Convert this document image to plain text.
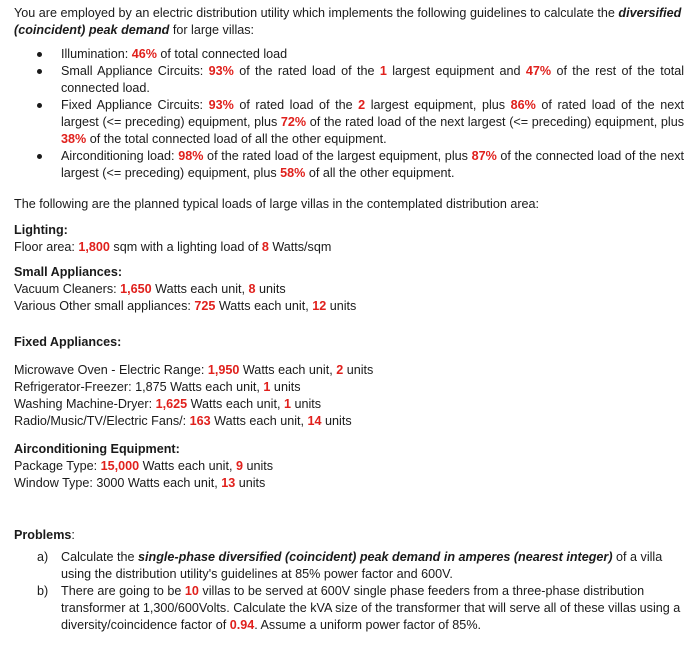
You are employed by an electric distribution utility which implements the following guidelines to calculate the diversified (coincident) peak demand for large villas:
Illumination: 46% of total connected load
Small Appliance Circuits: 93% of the rated load of the 1 largest equipment and 47% of the rest of the total connected load.
Fixed Appliance Circuits: 93% of rated load of the 2 largest equipment, plus 86% of rated load of the next largest (<= preceding) equipment, plus 72% of the rated load of the next largest (<= preceding) equipment, plus 38% of the total connected load of all the other equipment.
Airconditioning load: 98% of the rated load of the largest equipment, plus 87% of the connected load of the next largest (<= preceding) equipment, plus 58% of all the other equipment.
The following are the planned typical loads of large villas in the contemplated distribution area:
Lighting:
Floor area: 1,800 sqm with a lighting load of 8 Watts/sqm
Small Appliances:
Vacuum Cleaners: 1,650 Watts each unit, 8 units
Various Other small appliances: 725 Watts each unit, 12 units
Fixed Appliances:
Microwave Oven - Electric Range: 1,950 Watts each unit, 2 units
Refrigerator-Freezer: 1,875 Watts each unit, 1 units
Washing Machine-Dryer: 1,625 Watts each unit, 1 units
Radio/Music/TV/Electric Fans/: 163 Watts each unit, 14 units
Airconditioning Equipment:
Package Type: 15,000 Watts each unit, 9 units
Window Type: 3000 Watts each unit, 13 units
Problems:
a) Calculate the single-phase diversified (coincident) peak demand in amperes (nearest integer) of a villa using the distribution utility's guidelines at 85% power factor and 600V.
b) There are going to be 10 villas to be served at 600V single phase feeders from a three-phase distribution transformer at 1,300/600Volts. Calculate the kVA size of the transformer that will serve all of these villas using a diversity/coincidence factor of 0.94. Assume a uniform power factor of 85%.
